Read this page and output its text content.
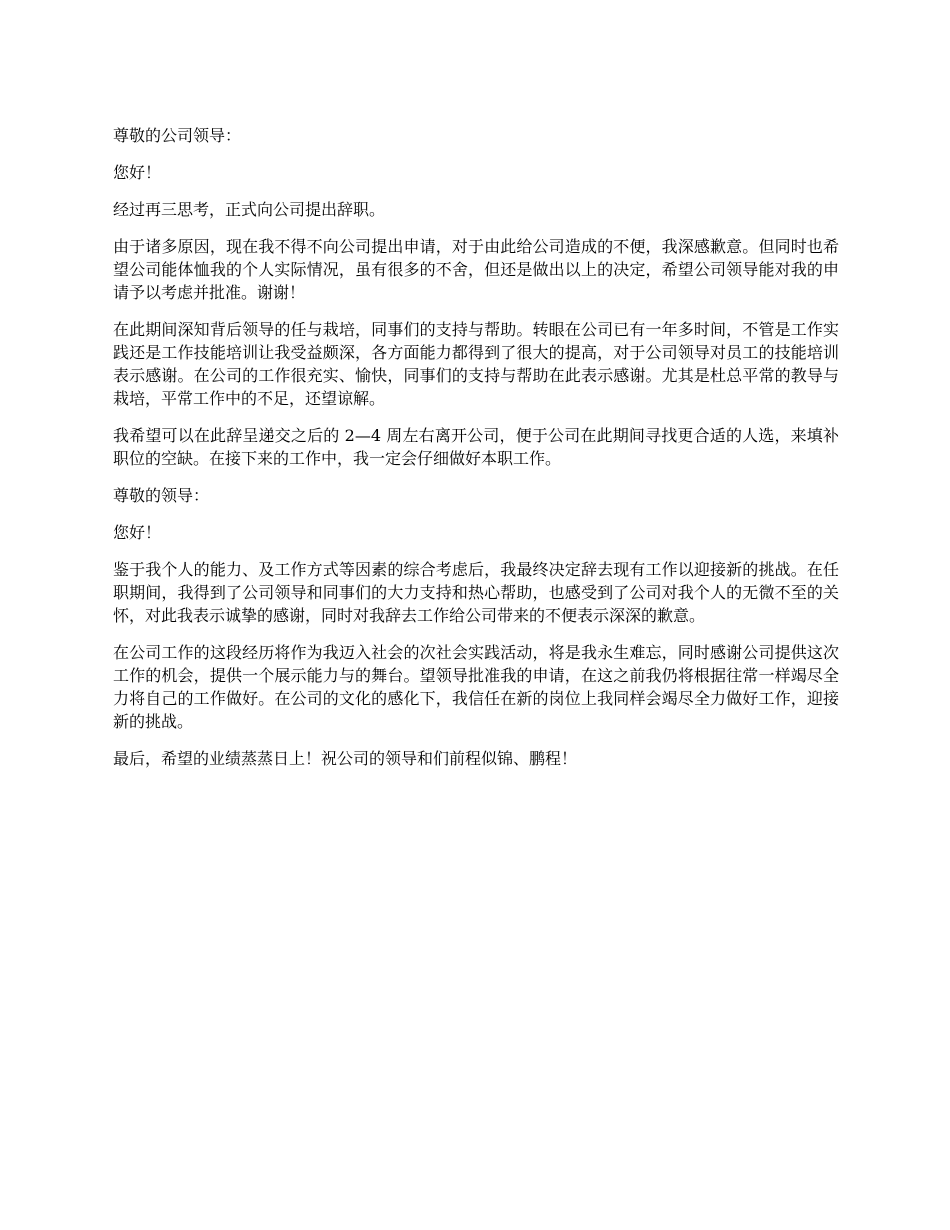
尊敬的公司领导：

您好！

经过再三思考，正式向公司提出辞职。

由于诸多原因，现在我不得不向公司提出申请，对于由此给公司造成的不便，我深感歉意。但同时也希望公司能体恤我的个人实际情况，虽有很多的不舍，但还是做出以上的决定，希望公司领导能对我的申请予以考虑并批准。谢谢！

在此期间深知背后领导的任与栽培，同事们的支持与帮助。转眼在公司已有一年多时间，不管是工作实践还是工作技能培训让我受益颇深，各方面能力都得到了很大的提高，对于公司领导对员工的技能培训表示感谢。在公司的工作很充实、愉快，同事们的支持与帮助在此表示感谢。尤其是杜总平常的教导与栽培，平常工作中的不足，还望谅解。

我希望可以在此辞呈递交之后的 2—4 周左右离开公司，便于公司在此期间寻找更合适的人选，来填补职位的空缺。在接下来的工作中，我一定会仔细做好本职工作。

尊敬的领导：

您好！

鉴于我个人的能力、及工作方式等因素的综合考虑后，我最终决定辞去现有工作以迎接新的挑战。在任职期间，我得到了公司领导和同事们的大力支持和热心帮助，也感受到了公司对我个人的无微不至的关怀，对此我表示诚挚的感谢，同时对我辞去工作给公司带来的不便表示深深的歉意。

在公司工作的这段经历将作为我迈入社会的次社会实践活动，将是我永生难忘，同时感谢公司提供这次工作的机会，提供一个展示能力与的舞台。望领导批准我的申请，在这之前我仍将根据往常一样竭尽全力将自己的工作做好。在公司的文化的感化下，我信任在新的岗位上我同样会竭尽全力做好工作，迎接新的挑战。

最后，希望的业绩蒸蒸日上！祝公司的领导和们前程似锦、鹏程！
